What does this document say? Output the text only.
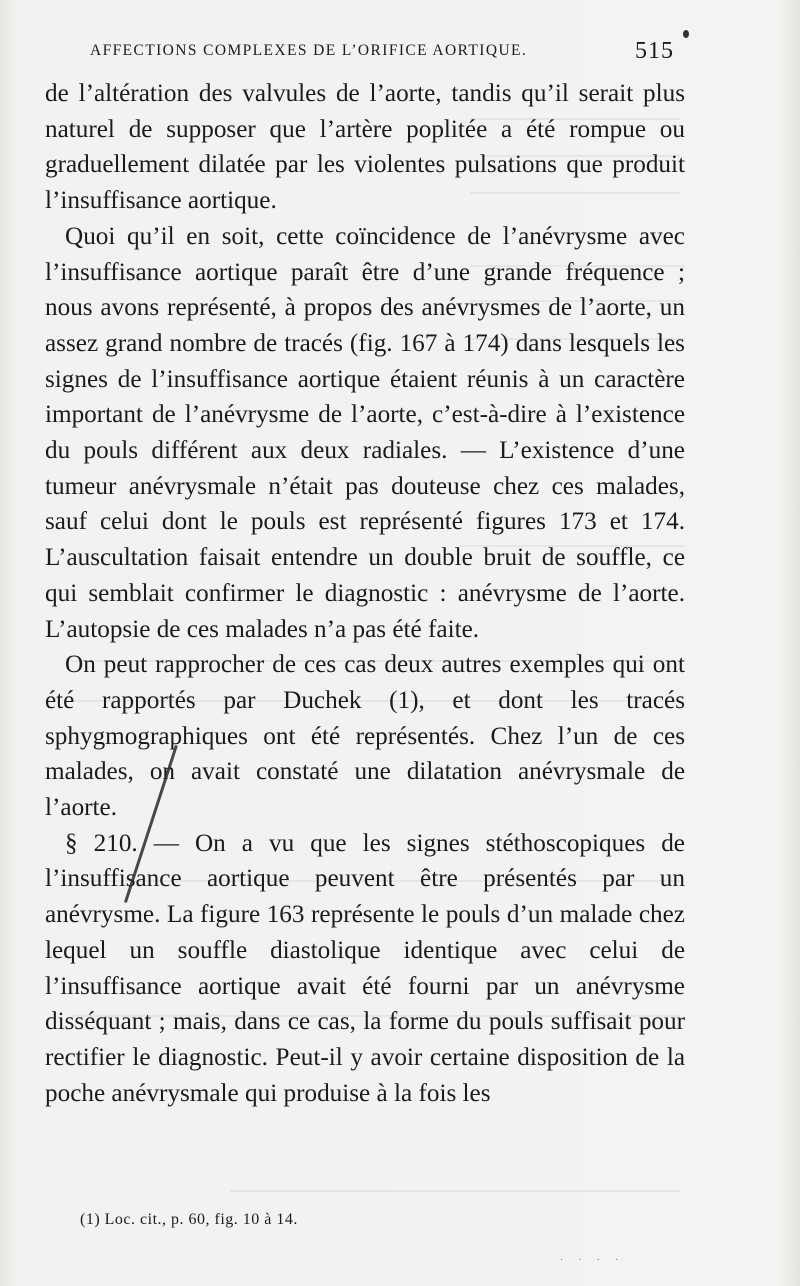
AFFECTIONS COMPLEXES DE L’ORIFICE AORTIQUE.	515

de l’altération des valvules de l’aorte, tandis qu’il serait plus naturel de supposer que l’artère poplitée a été rompue ou graduellement dilatée par les violentes pulsations que produit l’insuffisance aortique.

Quoi qu’il en soit, cette coïncidence de l’anévrysme avec l’insuffisance aortique paraît être d’une grande fréquence ; nous avons représenté, à propos des anévrysmes de l’aorte, un assez grand nombre de tracés (fig. 167 à 174) dans lesquels les signes de l’insuffisance aortique étaient réunis à un caractère important de l’anévrysme de l’aorte, c’est-à-dire à l’existence du pouls différent aux deux radiales. — L’existence d’une tumeur anévrysmale n’était pas douteuse chez ces malades, sauf celui dont le pouls est représenté figures 173 et 174. L’auscultation faisait entendre un double bruit de souffle, ce qui semblait confirmer le diagnostic : anévrysme de l’aorte. L’autopsie de ces malades n’a pas été faite.

On peut rapprocher de ces cas deux autres exemples qui ont été rapportés par Duchek (1), et dont les tracés sphygmographiques ont été représentés. Chez l’un de ces malades, on avait constaté une dilatation anévrysmale de l’aorte.

§ 210. — On a vu que les signes stéthoscopiques de l’insuffisance aortique peuvent être présentés par un anévrysme. La figure 163 représente le pouls d’un malade chez lequel un souffle diastolique identique avec celui de l’insuffisance aortique avait été fourni par un anévrysme disséquant ; mais, dans ce cas, la forme du pouls suffisait pour rectifier le diagnostic. Peut-il y avoir certaine disposition de la poche anévrysmale qui produise à la fois les

(1) Loc. cit., p. 60, fig. 10 à 14.
· · · ·
